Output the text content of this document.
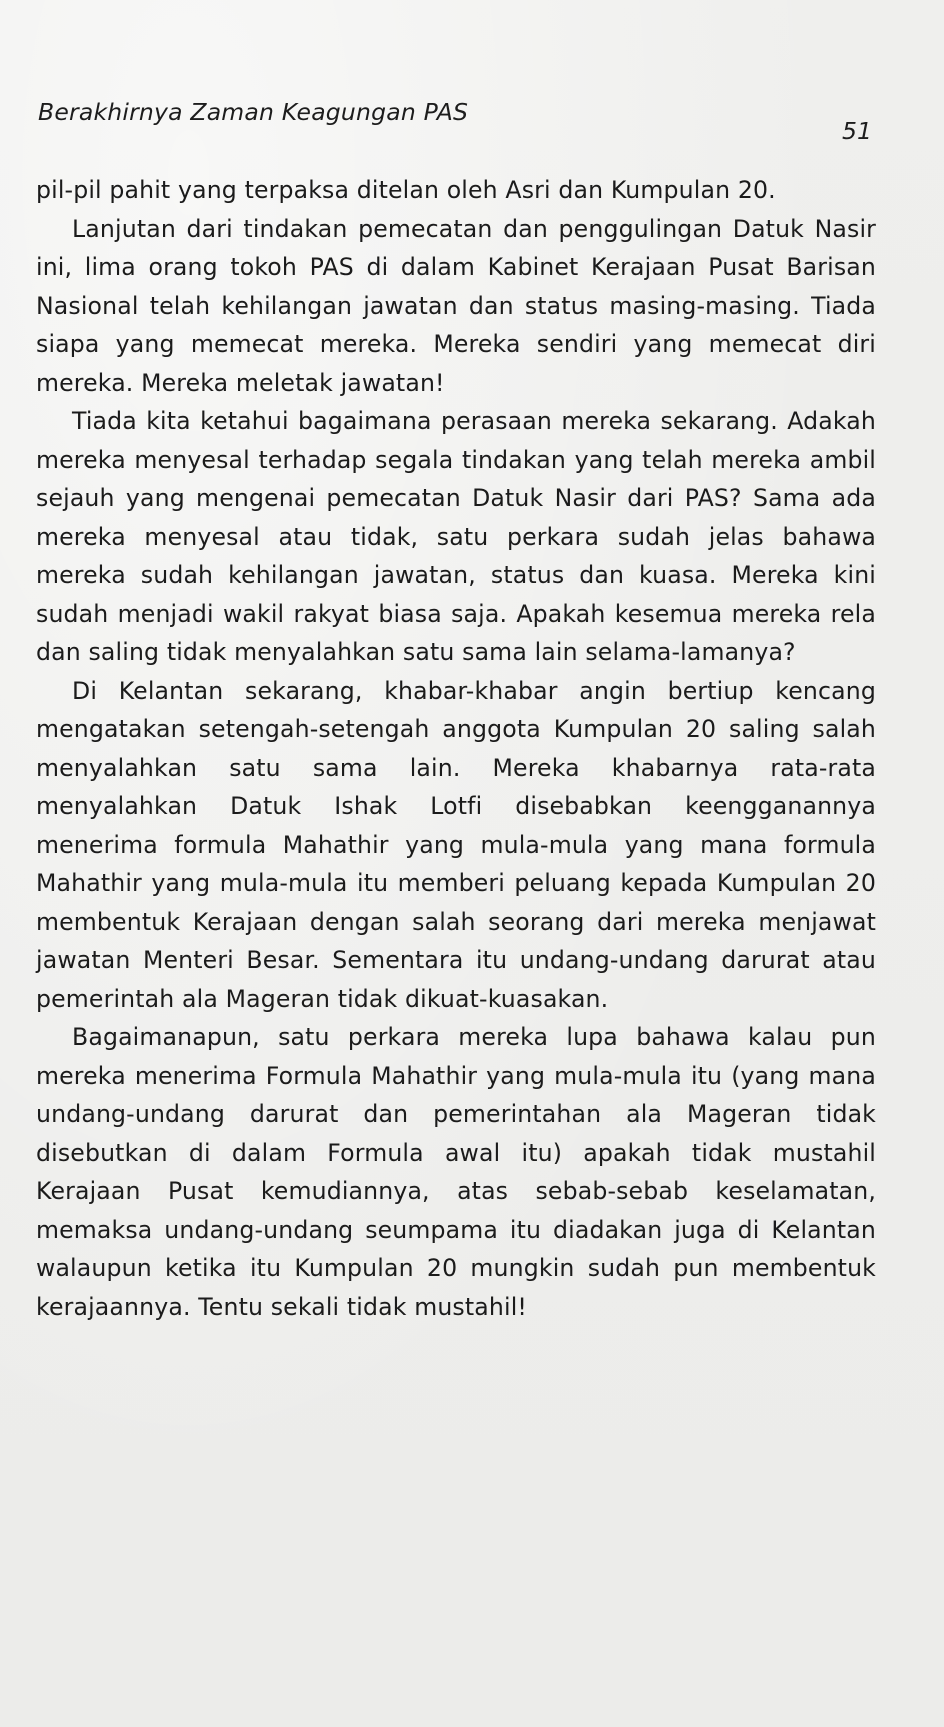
Berakhirnya Zaman Keagungan PAS
51

pil-pil pahit yang terpaksa ditelan oleh Asri dan Kumpulan 20.

Lanjutan dari tindakan pemecatan dan penggulingan Datuk Nasir ini, lima orang tokoh PAS di dalam Kabinet Kerajaan Pusat Barisan Nasional telah kehilangan jawatan dan status masing-masing. Tiada siapa yang memecat mereka. Mereka sendiri yang memecat diri mereka. Mereka meletak jawatan!

Tiada kita ketahui bagaimana perasaan mereka sekarang. Adakah mereka menyesal terhadap segala tindakan yang telah mereka ambil sejauh yang mengenai pemecatan Datuk Nasir dari PAS? Sama ada mereka menyesal atau tidak, satu perkara sudah jelas bahawa mereka sudah kehilangan jawatan, status dan kuasa. Mereka kini sudah menjadi wakil rakyat biasa saja. Apakah kesemua mereka rela dan saling tidak menyalahkan satu sama lain selama-lamanya?

Di Kelantan sekarang, khabar-khabar angin bertiup kencang mengatakan setengah-setengah anggota Kumpulan 20 saling salah menyalahkan satu sama lain. Mereka khabarnya rata-rata menyalahkan Datuk Ishak Lotfi disebabkan keengganannya menerima formula Mahathir yang mula-mula yang mana formula Mahathir yang mula-mula itu memberi peluang kepada Kumpulan 20 membentuk Kerajaan dengan salah seorang dari mereka menjawat jawatan Menteri Besar. Sementara itu undang-undang darurat atau pemerintah ala Mageran tidak dikuat-kuasakan.

Bagaimanapun, satu perkara mereka lupa bahawa kalau pun mereka menerima Formula Mahathir yang mula-mula itu (yang mana undang-undang darurat dan pemerintahan ala Mageran tidak disebutkan di dalam Formula awal itu) apakah tidak mustahil Kerajaan Pusat kemudiannya, atas sebab-sebab keselamatan, memaksa undang-undang seumpama itu diadakan juga di Kelantan walaupun ketika itu Kumpulan 20 mungkin sudah pun membentuk kerajaannya. Tentu sekali tidak mustahil!
